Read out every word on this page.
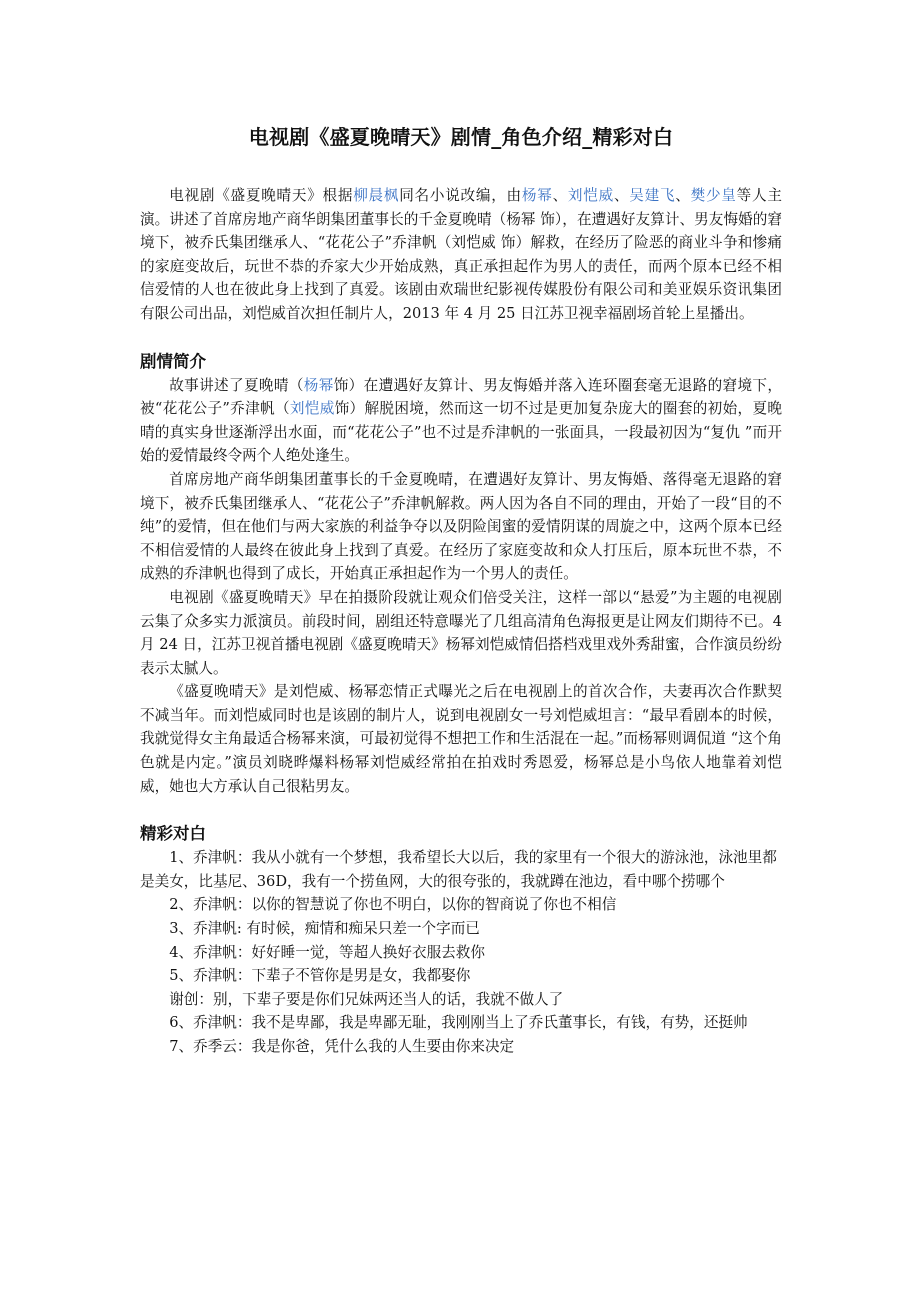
电视剧《盛夏晚晴天》剧情_角色介绍_精彩对白

电视剧《盛夏晚晴天》根据柳晨枫同名小说改编，由杨幂、刘恺威、吴建飞、樊少皇等人主演。讲述了首席房地产商华朗集团董事长的千金夏晚晴（杨幂 饰），在遭遇好友算计、男友悔婚的窘境下，被乔氏集团继承人、“花花公子”乔津帆（刘恺威 饰）解救，在经历了险恶的商业斗争和惨痛的家庭变故后，玩世不恭的乔家大少开始成熟，真正承担起作为男人的责任，而两个原本已经不相信爱情的人也在彼此身上找到了真爱。该剧由欢瑞世纪影视传媒股份有限公司和美亚娱乐资讯集团有限公司出品，刘恺威首次担任制片人，2013 年 4 月 25 日江苏卫视幸福剧场首轮上星播出。

剧情简介

故事讲述了夏晚晴（杨幂饰）在遭遇好友算计、男友悔婚并落入连环圈套毫无退路的窘境下，被“花花公子”乔津帆（刘恺威饰）解脱困境，然而这一切不过是更加复杂庞大的圈套的初始，夏晚晴的真实身世逐渐浮出水面，而“花花公子”也不过是乔津帆的一张面具，一段最初因为“复仇 ”而开始的爱情最终令两个人绝处逢生。

首席房地产商华朗集团董事长的千金夏晚晴，在遭遇好友算计、男友悔婚、落得毫无退路的窘境下，被乔氏集团继承人、“花花公子”乔津帆解救。两人因为各自不同的理由，开始了一段“目的不纯”的爱情，但在他们与两大家族的利益争夺以及阴险闺蜜的爱情阴谋的周旋之中，这两个原本已经不相信爱情的人最终在彼此身上找到了真爱。在经历了家庭变故和众人打压后，原本玩世不恭，不成熟的乔津帆也得到了成长，开始真正承担起作为一个男人的责任。

电视剧《盛夏晚晴天》早在拍摄阶段就让观众们倍受关注，这样一部以“悬爱”为主题的电视剧云集了众多实力派演员。前段时间，剧组还特意曝光了几组高清角色海报更是让网友们期待不已。4 月 24 日，江苏卫视首播电视剧《盛夏晚晴天》杨幂刘恺威情侣搭档戏里戏外秀甜蜜，合作演员纷纷表示太腻人。

《盛夏晚晴天》是刘恺威、杨幂恋情正式曝光之后在电视剧上的首次合作，夫妻再次合作默契不减当年。而刘恺威同时也是该剧的制片人，说到电视剧女一号刘恺威坦言：“最早看剧本的时候，我就觉得女主角最适合杨幂来演，可最初觉得不想把工作和生活混在一起。”而杨幂则调侃道 “这个角色就是内定。”演员刘晓晔爆料杨幂刘恺威经常拍在拍戏时秀恩爱，杨幂总是小鸟依人地靠着刘恺威，她也大方承认自己很粘男友。

精彩对白

1、乔津帆：我从小就有一个梦想，我希望长大以后，我的家里有一个很大的游泳池，泳池里都是美女，比基尼、36D，我有一个捞鱼网，大的很夸张的，我就蹲在池边，看中哪个捞哪个

2、乔津帆：以你的智慧说了你也不明白，以你的智商说了你也不相信

3、乔津帆: 有时候，痴情和痴呆只差一个字而已

4、乔津帆：好好睡一觉，等超人换好衣服去救你

5、乔津帆：下辈子不管你是男是女，我都娶你

谢创：别，下辈子要是你们兄妹两还当人的话，我就不做人了

6、乔津帆：我不是卑鄙，我是卑鄙无耻，我刚刚当上了乔氏董事长，有钱，有势，还挺帅

7、乔季云：我是你爸，凭什么我的人生要由你来决定
